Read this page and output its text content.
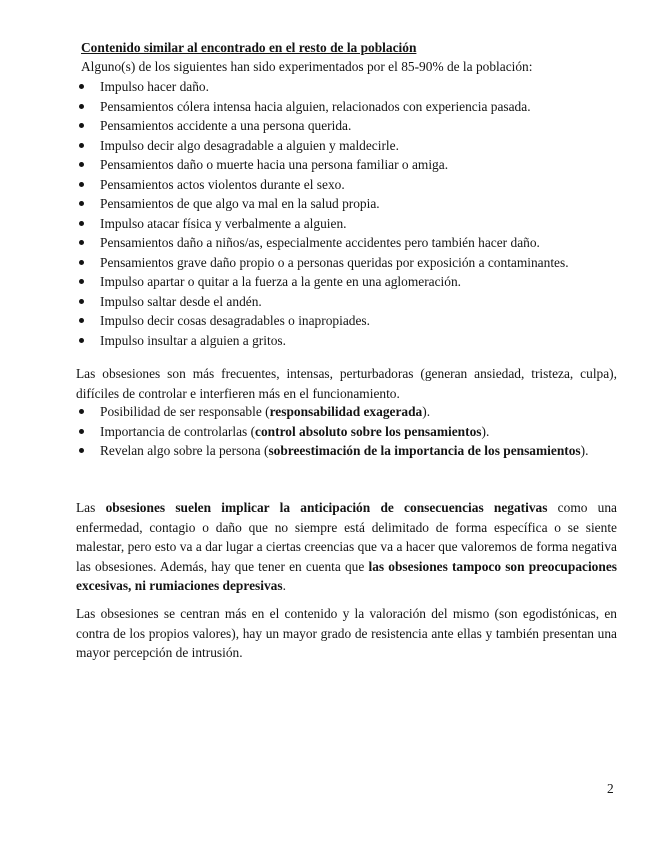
Contenido similar al encontrado en el resto de la población
Alguno(s) de los siguientes han sido experimentados por el 85-90% de la población:
Impulso hacer daño.
Pensamientos cólera intensa hacia alguien, relacionados con experiencia pasada.
Pensamientos accidente a una persona querida.
Impulso decir algo desagradable a alguien y maldecirle.
Pensamientos daño o muerte hacia una persona familiar o amiga.
Pensamientos actos violentos durante el sexo.
Pensamientos de que algo va mal en la salud propia.
Impulso atacar física y verbalmente a alguien.
Pensamientos daño a niños/as, especialmente accidentes pero también hacer daño.
Pensamientos grave daño propio o a personas queridas por exposición a contaminantes.
Impulso apartar o quitar a la fuerza a la gente en una aglomeración.
Impulso saltar desde el andén.
Impulso decir cosas desagradables o inapropiades.
Impulso insultar a alguien a gritos.

Las obsesiones son más frecuentes, intensas, perturbadoras (generan ansiedad, tristeza, culpa), difíciles de controlar e interfieren más en el funcionamiento.

Posibilidad de ser responsable (responsabilidad exagerada).
Importancia de controlarlas (control absoluto sobre los pensamientos).
Revelan algo sobre la persona (sobreestimación de la importancia de los pensamientos).

Las obsesiones suelen implicar la anticipación de consecuencias negativas como una enfermedad, contagio o daño que no siempre está delimitado de forma específica o se siente malestar, pero esto va a dar lugar a ciertas creencias que va a hacer que valoremos de forma negativa las obsesiones. Además, hay que tener en cuenta que las obsesiones tampoco son preocupaciones excesivas, ni rumiaciones depresivas.

Las obsesiones se centran más en el contenido y la valoración del mismo (son egodistónicas, en contra de los propios valores), hay un mayor grado de resistencia ante ellas y también presentan una mayor percepción de intrusión.

2
